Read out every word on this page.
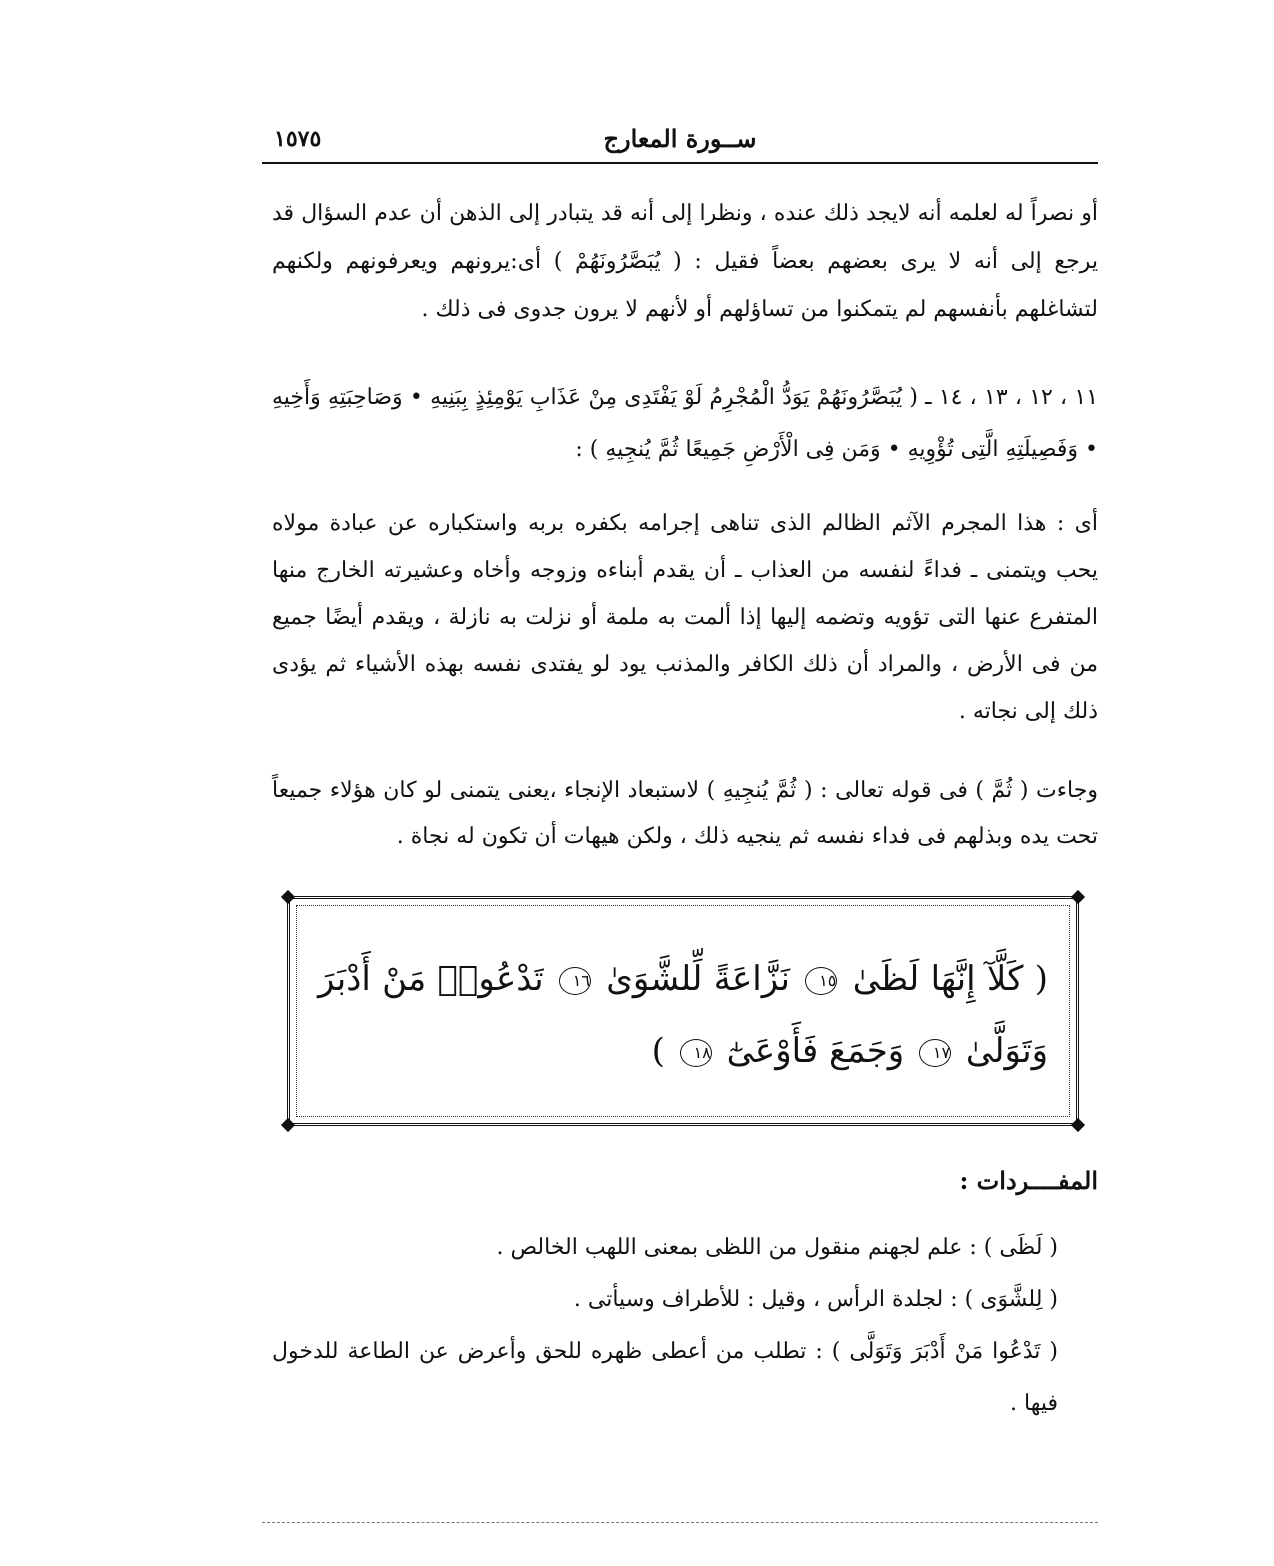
ســورة المعارج
١٥٧٥

أو نصراً له لعلمه أنه لايجد ذلك عنده ، ونظرا إلى أنه قد يتبادر إلى الذهن أن عدم السؤال قد يرجع إلى أنه لا يرى بعضهم بعضاً فقيل : ( يُبَصَّرُونَهُمْ ) أى:يرونهم ويعرفونهم ولكنهم لتشاغلهم بأنفسهم لم يتمكنوا من تساؤلهم أو لأنهم لا يرون جدوى فى ذلك .

١١ ، ١٢ ، ١٣ ، ١٤ ـ ( يُبَصَّرُونَهُمْ يَوَدُّ الْمُجْرِمُ لَوْ يَفْتَدِى مِنْ عَذَابِ يَوْمِئِذٍ بِبَنِيهِ • وَصَاحِبَتِهِ وَأَخِيهِ • وَفَصِيلَتِهِ الَّتِى تُؤْوِيهِ • وَمَن فِى الْأَرْضِ جَمِيعًا ثُمَّ يُنجِيهِ ) :

أى : هذا المجرم الآثم الظالم الذى تناهى إجرامه بكفره بربه واستكباره عن عبادة مولاه يحب ويتمنى ـ فداءً لنفسه من العذاب ـ أن يقدم أبناءه وزوجه وأخاه وعشيرته الخارج منها المتفرع عنها التى تؤويه وتضمه إليها إذا ألمت به ملمة أو نزلت به نازلة ، ويقدم أيضًا جميع من فى الأرض ، والمراد أن ذلك الكافر والمذنب يود لو يفتدى نفسه بهذه الأشياء ثم يؤدى ذلك إلى نجاته .

وجاءت ( ثُمَّ ) فى قوله تعالى : ( ثُمَّ يُنجِيهِ ) لاستبعاد الإنجاء ،يعنى يتمنى لو كان هؤلاء جميعاً تحت يده وبذلهم فى فداء نفسه ثم ينجيه ذلك ، ولكن هيهات أن تكون له نجاة .

( كَلَّآ إِنَّهَا لَظَىٰ ١٥ نَزَّاعَةً لِّلشَّوَىٰ ١٦ تَدْعُوا۟ مَنْ أَدْبَرَ وَتَوَلَّىٰ ١٧ وَجَمَعَ فَأَوْعَىٰٓ ١٨ )
المفــــردات :

( لَظَى ) : علم لجهنم منقول من اللظى بمعنى اللهب الخالص .

( لِلشَّوَى ) : لجلدة الرأس ، وقيل : للأطراف وسيأتى .

( تَدْعُوا مَنْ أَدْبَرَ وَتَوَلَّى ) : تطلب من أعطى ظهره للحق وأعرض عن الطاعة للدخول فيها .
